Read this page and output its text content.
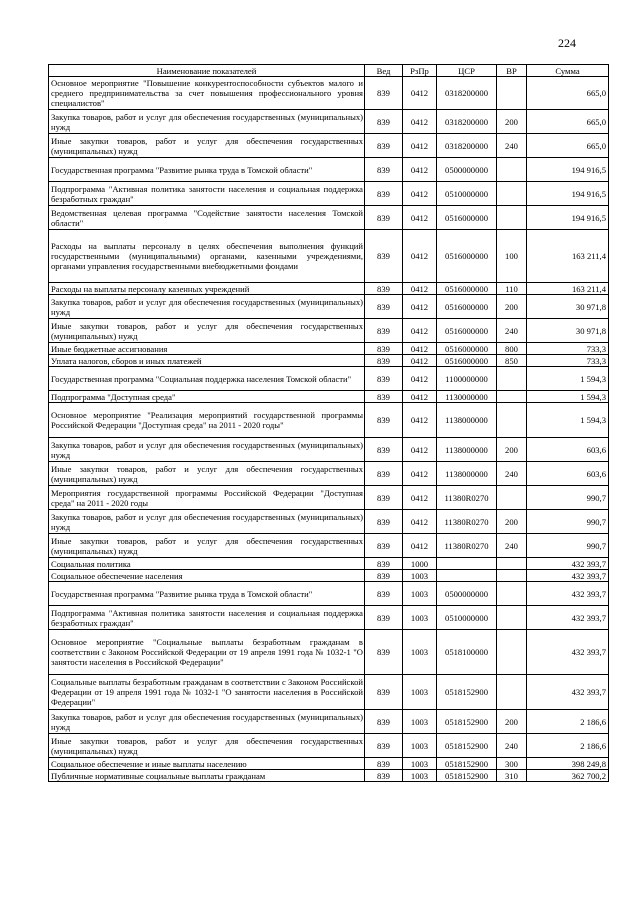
224
Наименование показателей	Вед	РзПр	ЦСР	ВР	Сумма
Основное мероприятие "Повышение конкурентоспособности субъектов малого и среднего предпринимательства за счет повышения профессионального уровня специалистов"	839	0412	0318200000		665,0
Закупка товаров, работ и услуг для обеспечения государственных (муниципальных) нужд	839	0412	0318200000	200	665,0
Иные закупки товаров, работ и услуг для обеспечения государственных (муниципальных) нужд	839	0412	0318200000	240	665,0
Государственная программа "Развитие рынка труда в Томской области"	839	0412	0500000000		194 916,5
Подпрограмма "Активная политика занятости населения и социальная поддержка безработных граждан"	839	0412	0510000000		194 916,5
Ведомственная целевая программа "Содействие занятости населения Томской области"	839	0412	0516000000		194 916,5
Расходы на выплаты персоналу в целях обеспечения выполнения функций государственными (муниципальными) органами, казенными учреждениями, органами управления государственными внебюджетными фондами	839	0412	0516000000	100	163 211,4
Расходы на выплаты персоналу казенных учреждений	839	0412	0516000000	110	163 211,4
Закупка товаров, работ и услуг для обеспечения государственных (муниципальных) нужд	839	0412	0516000000	200	30 971,8
Иные закупки товаров, работ и услуг для обеспечения государственных (муниципальных) нужд	839	0412	0516000000	240	30 971,8
Иные бюджетные ассигнования	839	0412	0516000000	800	733,3
Уплата налогов, сборов и иных платежей	839	0412	0516000000	850	733,3
Государственная программа "Социальная поддержка населения Томской области"	839	0412	1100000000		1 594,3
Подпрограмма "Доступная среда"	839	0412	1130000000		1 594,3
Основное мероприятие "Реализация мероприятий государственной программы Российской Федерации "Доступная среда" на 2011 - 2020 годы"	839	0412	1138000000		1 594,3
Закупка товаров, работ и услуг для обеспечения государственных (муниципальных) нужд	839	0412	1138000000	200	603,6
Иные закупки товаров, работ и услуг для обеспечения государственных (муниципальных) нужд	839	0412	1138000000	240	603,6
Мероприятия государственной программы Российской Федерации "Доступная среда" на 2011 - 2020 годы	839	0412	11380R0270		990,7
Закупка товаров, работ и услуг для обеспечения государственных (муниципальных) нужд	839	0412	11380R0270	200	990,7
Иные закупки товаров, работ и услуг для обеспечения государственных (муниципальных) нужд	839	0412	11380R0270	240	990,7
Социальная политика	839	1000			432 393,7
Социальное обеспечение населения	839	1003			432 393,7
Государственная программа "Развитие рынка труда в Томской области"	839	1003	0500000000		432 393,7
Подпрограмма "Активная политика занятости населения и социальная поддержка безработных граждан"	839	1003	0510000000		432 393,7
Основное мероприятие "Социальные выплаты безработным гражданам в соответствии с Законом Российской Федерации от 19 апреля 1991 года № 1032-1 "О занятости населения в Российской Федерации"	839	1003	0518100000		432 393,7
Социальные выплаты безработным гражданам в соответствии с Законом Российской Федерации от 19 апреля 1991 года № 1032-1 "О занятости населения в Российской Федерации"	839	1003	0518152900		432 393,7
Закупка товаров, работ и услуг для обеспечения государственных (муниципальных) нужд	839	1003	0518152900	200	2 186,6
Иные закупки товаров, работ и услуг для обеспечения государственных (муниципальных) нужд	839	1003	0518152900	240	2 186,6
Социальное обеспечение и иные выплаты населению	839	1003	0518152900	300	398 249,8
Публичные нормативные социальные выплаты гражданам	839	1003	0518152900	310	362 700,2
